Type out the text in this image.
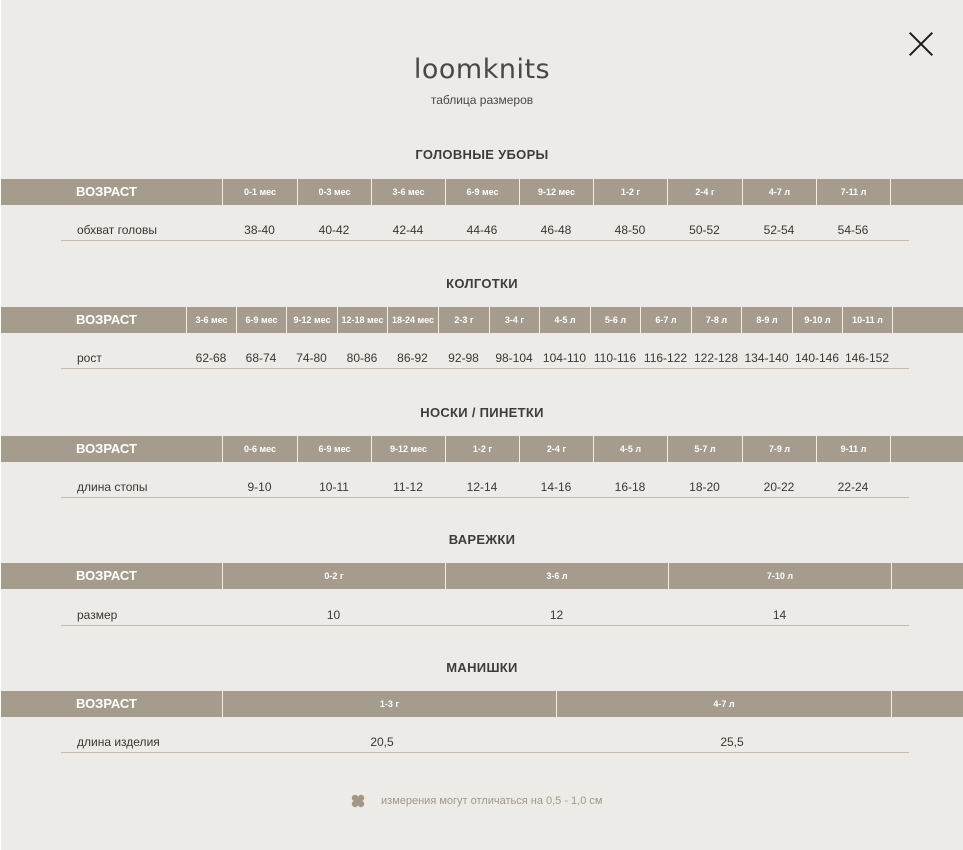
loomknits
таблица размеров
ГОЛОВНЫЕ УБОРЫ
ВОЗРАСТ	0-1 мес	0-3 мес	3-6 мес	6-9 мес	9-12 мес	1-2 г	2-4 г	4-7 л	7-11 л
обхват головы	38-40	40-42	42-44	44-46	46-48	48-50	50-52	52-54	54-56
КОЛГОТКИ
ВОЗРАСТ	3-6 мес	6-9 мес	9-12 мес	12-18 мес 18-24 мес	2-3 г	3-4 г	4-5 л	5-6 л	6-7 л	7-8 л	8-9 л	9-10 л	10-11 л
рост	62-68	68-74	74-80	80-86	86-92	92-98	98-104 104-110 110-116 116-122 122-128 134-140 140-146 146-152
НОСКИ / ПИНЕТКИ
ВОЗРАСТ	0-6 мес	6-9 мес	9-12 мес	1-2 г	2-4 г	4-5 л	5-7 л	7-9 л	9-11 л
длина стопы	9-10	10-11	11-12	12-14	14-16	16-18	18-20	20-22	22-24
ВАРЕЖКИ
ВОЗРАСТ	0-2 г	3-6 л	7-10 л
размер	10	12	14
МАНИШКИ
ВОЗРАСТ	1-3 г	4-7 л
длина изделия	20,5	25,5
измерения могут отличаться на 0,5 - 1,0 см
